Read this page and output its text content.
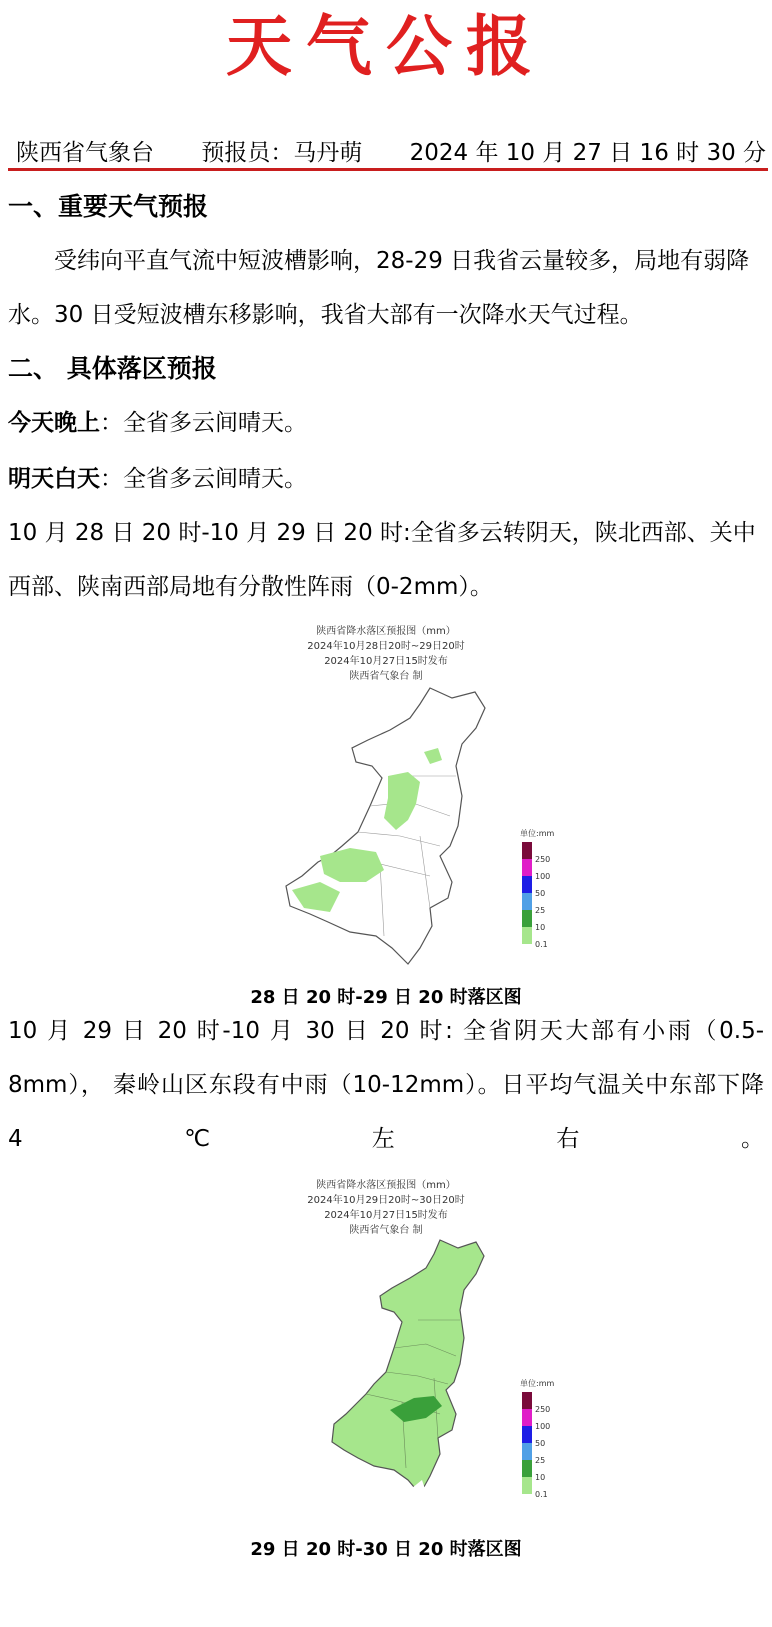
天气公报
陕西省气象台 预报员：马丹萌 2024 年 10 月 27 日 16 时 30 分
一、重要天气预报
受纬向平直气流中短波槽影响，28-29 日我省云量较多，局地有弱降水。30 日受短波槽东移影响，我省大部有一次降水天气过程。
二、 具体落区预报
今天晚上：全省多云间晴天。
明天白天：全省多云间晴天。
10 月 28 日 20 时-10 月 29 日 20 时:全省多云转阴天，陕北西部、关中西部、陕南西部局地有分散性阵雨（0-2mm）。
陕西省降水落区预报图（mm）
2024年10月28日20时~29日20时
2024年10月27日15时发布
陕西省气象台 制
单位:mm
250
100
50
25
10
0.1
28 日 20 时-29 日 20 时落区图
10 月 29 日 20 时-10 月 30 日 20 时: 全省阴天大部有小雨（0.5-8mm）， 秦岭山区东段有中雨（10-12mm）。日平均气温关中东部下降 4℃左右。
陕西省降水落区预报图（mm）
2024年10月29日20时~30日20时
2024年10月27日15时发布
陕西省气象台 制
单位:mm
250
100
50
25
10
0.1
29 日 20 时-30 日 20 时落区图
